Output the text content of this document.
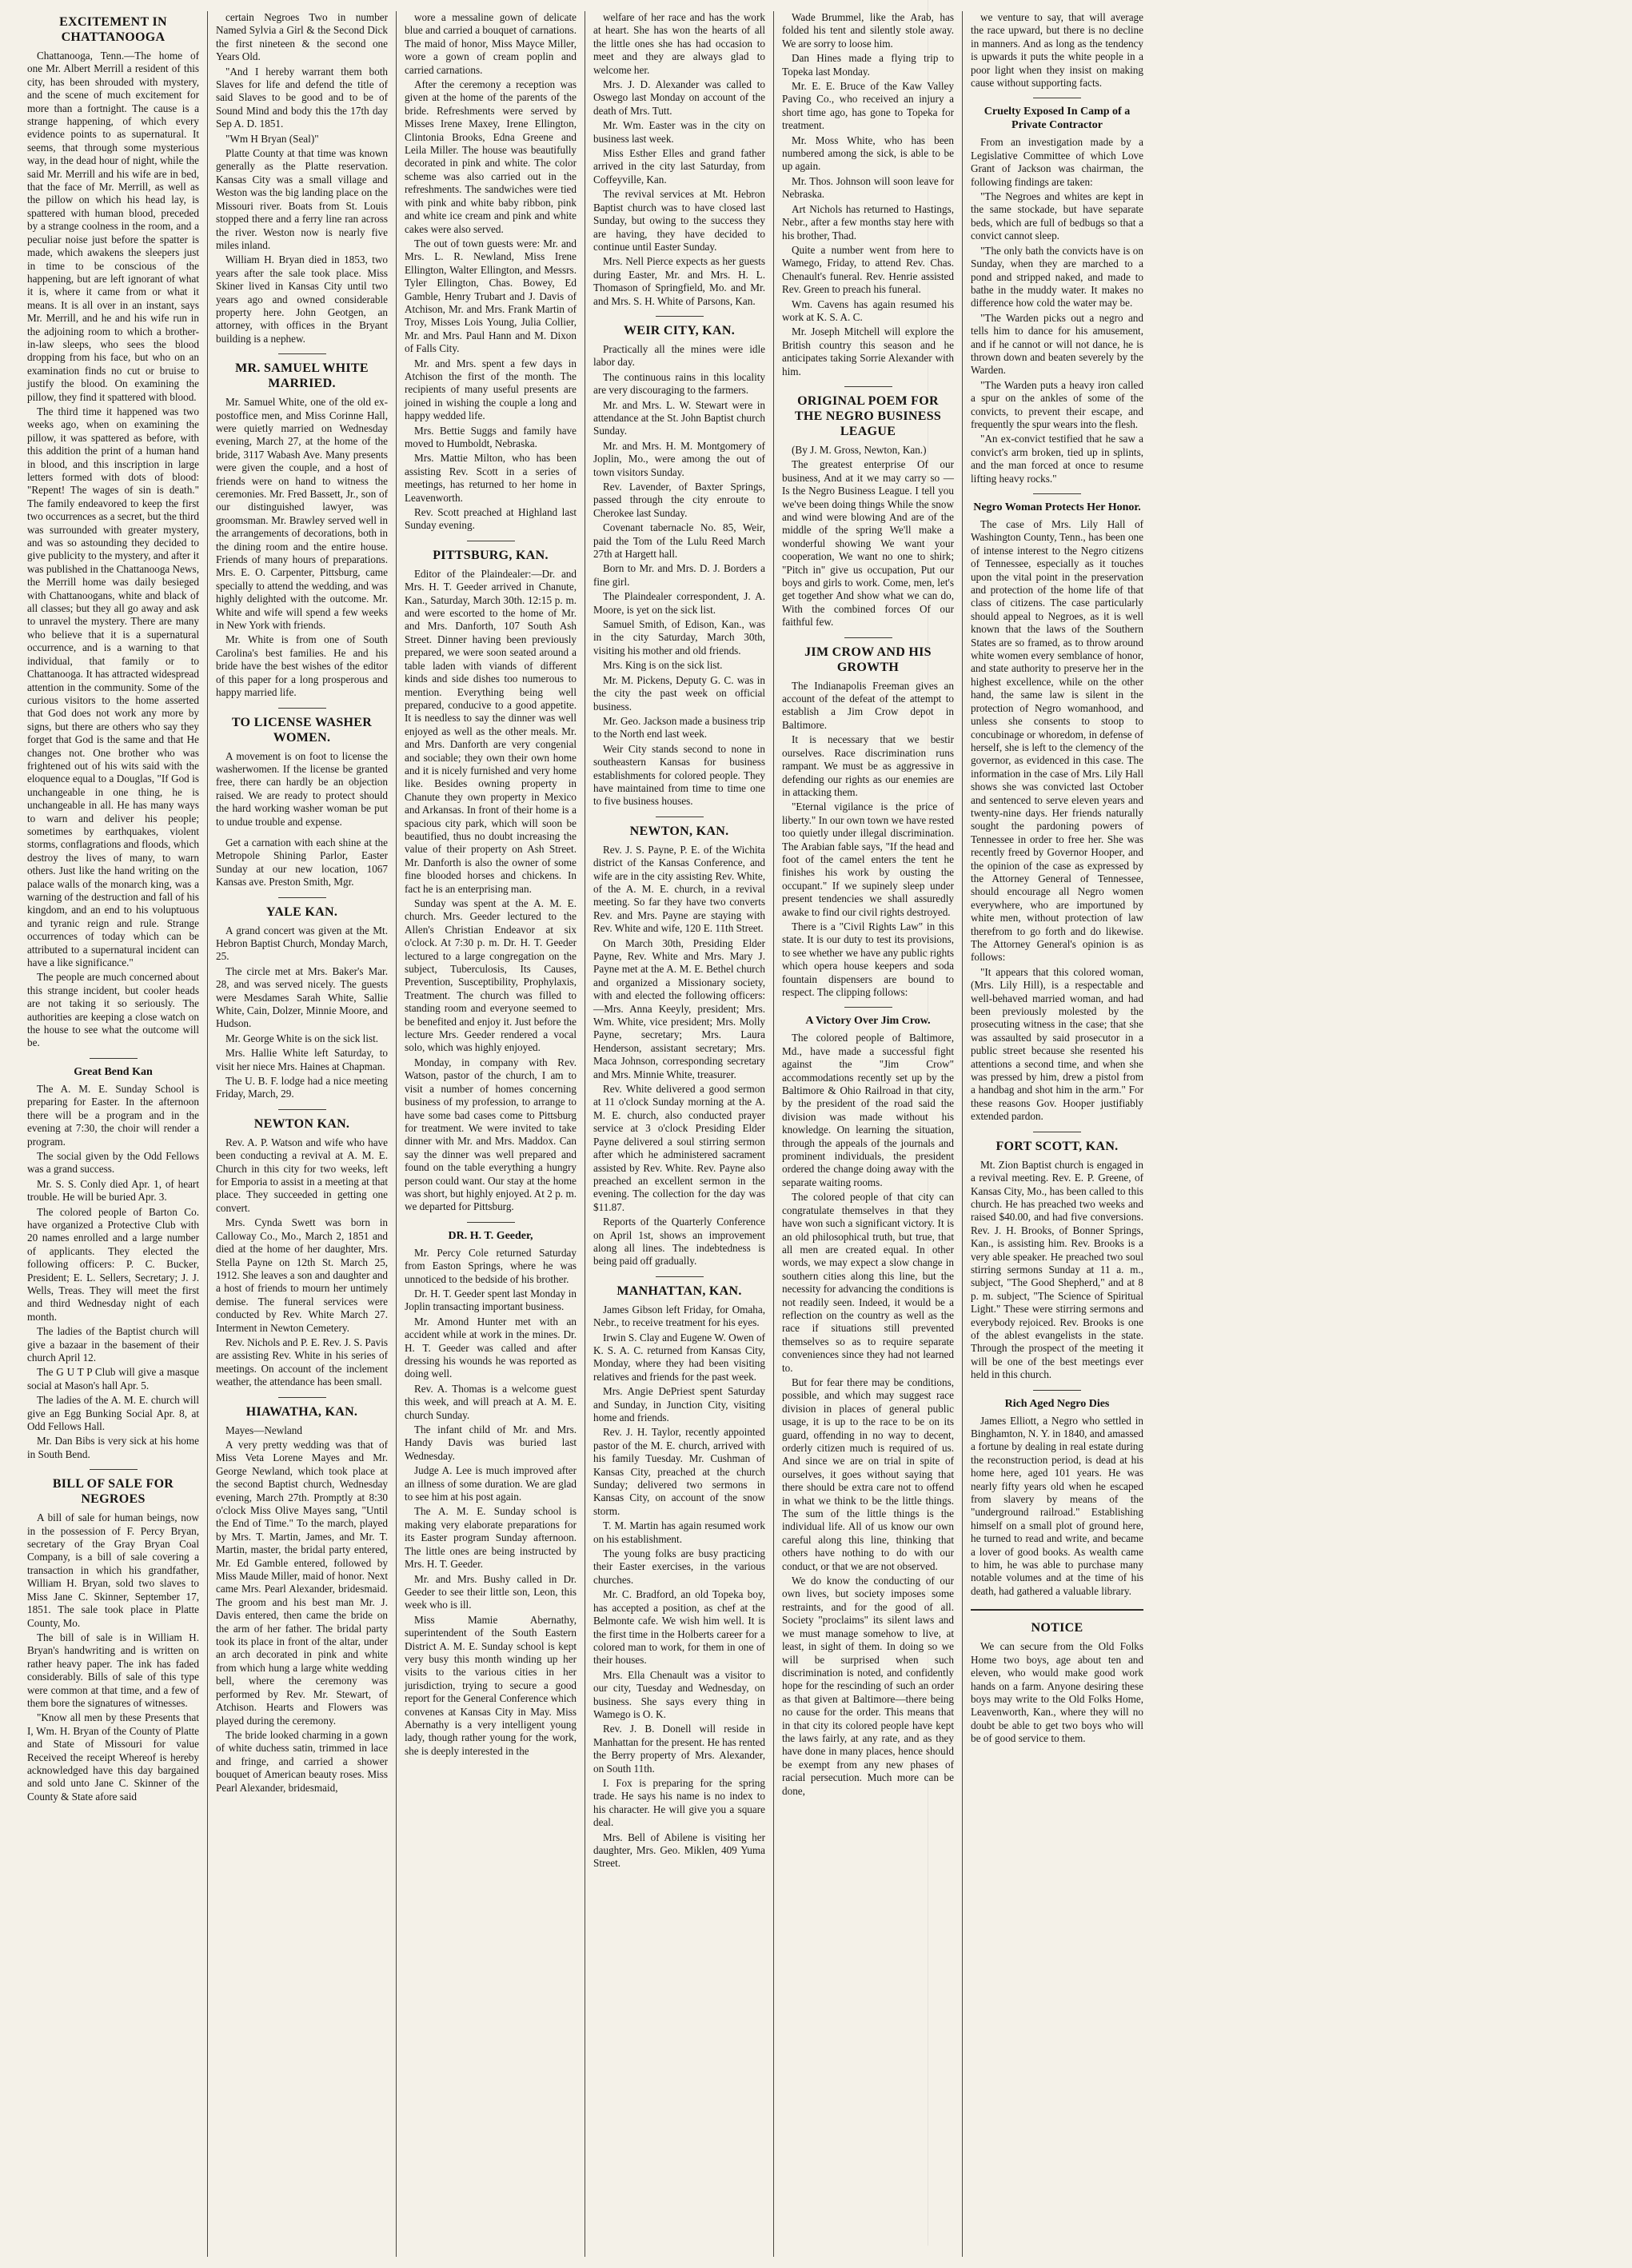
EXCITEMENT IN CHATTANOOGA

Chattanooga, Tenn.—The home of one Mr. Albert Merrill a resident of this city, has been shrouded with mystery, and the scene of much excitement for more than a fortnight. The cause is a strange happening, of which every evidence points to as supernatural. It seems, that through some mysterious way, in the dead hour of night, while the said Mr. Merrill and his wife are in bed, that the face of Mr. Merrill, as well as the pillow on which his head lay, is spattered with human blood, preceded by a strange coolness in the room, and a peculiar noise just before the spatter is made, which awakens the sleepers just in time to be conscious of the happening, but are left ignorant of what it is, where it came from or what it means. It is all over in an instant, says Mr. Merrill, and he and his wife run in the adjoining room to which a brother-in-law sleeps, who sees the blood dropping from his face, but who on an examination finds no cut or bruise to justify the blood. On examining the pillow, they find it spattered with blood.

The third time it happened was two weeks ago, when on examining the pillow, it was spattered as before, with this addition the print of a human hand in blood, and this inscription in large letters formed with dots of blood: "Repent! The wages of sin is death." The family endeavored to keep the first two occurrences as a secret, but the third was surrounded with greater mystery, and was so astounding they decided to give publicity to the mystery, and after it was published in the Chattanooga News, the Merrill home was daily besieged with Chattanoogans, white and black of all classes; but they all go away and ask to unravel the mystery. There are many who believe that it is a supernatural occurrence, and is a warning to that individual, that family or to Chattanooga. It has attracted widespread attention in the community. Some of the curious visitors to the home asserted that God does not work any more by signs, but there are others who say they forget that God is the same and that He changes not. One brother who was frightened out of his wits said with the eloquence equal to a Douglas, "If God is unchangeable in one thing, he is unchangeable in all. He has many ways to warn and deliver his people; sometimes by earthquakes, violent storms, conflagrations and floods, which destroy the lives of many, to warn others. Just like the hand writing on the palace walls of the monarch king, was a warning of the destruction and fall of his kingdom, and an end to his voluptuous and tyranic reign and rule. Strange occurrences of today which can be attributed to a supernatural incident can have a like significance."

The people are much concerned about this strange incident, but cooler heads are not taking it so seriously. The authorities are keeping a close watch on the house to see what the outcome will be.

Great Bend Kan

The A. M. E. Sunday School is preparing for Easter. In the afternoon there will be a program and in the evening at 7:30, the choir will render a program.

The social given by the Odd Fellows was a grand success.

Mr. S. S. Conly died Apr. 1, of heart trouble. He will be buried Apr. 3.

The colored people of Barton Co. have organized a Protective Club with 20 names enrolled and a large number of applicants. They elected the following officers: P. C. Bucker, President; E. L. Sellers, Secretary; J. J. Wells, Treas. They will meet the first and third Wednesday night of each month.

The ladies of the Baptist church will give a bazaar in the basement of their church April 12.

The G U T P Club will give a masque social at Mason's hall Apr. 5.

The ladies of the A. M. E. church will give an Egg Bunking Social Apr. 8, at Odd Fellows Hall.

Mr. Dan Bibs is very sick at his home in South Bend.

BILL OF SALE FOR NEGROES

A bill of sale for human beings, now in the possession of F. Percy Bryan, secretary of the Gray Bryan Coal Company, is a bill of sale covering a transaction in which his grandfather, William H. Bryan, sold two slaves to Miss Jane C. Skinner, September 17, 1851. The sale took place in Platte County, Mo.

The bill of sale is in William H. Bryan's handwriting and is written on rather heavy paper. The ink has faded considerably. Bills of sale of this type were common at that time, and a few of them bore the signatures of witnesses.

"Know all men by these Presents that I, Wm. H. Bryan of the County of Platte and State of Missouri for value Received the receipt Whereof is hereby acknowledged have this day bargained and sold unto Jane C. Skinner of the County & State afore said

certain Negroes Two in number Named Sylvia a Girl & the Second Dick the first nineteen & the second one Years Old.

"And I hereby warrant them both Slaves for life and defend the title of said Slaves to be good and to be of Sound Mind and body this the 17th day Sep A. D. 1851.

"Wm H Bryan (Seal)"

Platte County at that time was known generally as the Platte reservation. Kansas City was a small village and Weston was the big landing place on the Missouri river. Boats from St. Louis stopped there and a ferry line ran across the river. Weston now is nearly five miles inland.

William H. Bryan died in 1853, two years after the sale took place. Miss Skiner lived in Kansas City until two years ago and owned considerable property here. John Geotgen, an attorney, with offices in the Bryant building is a nephew.

MR. SAMUEL WHITE MARRIED.

Mr. Samuel White, one of the old ex-postoffice men, and Miss Corinne Hall, were quietly married on Wednesday evening, March 27, at the home of the bride, 3117 Wabash Ave. Many presents were given the couple, and a host of friends were on hand to witness the ceremonies. Mr. Fred Bassett, Jr., son of our distinguished lawyer, was groomsman. Mr. Brawley served well in the arrangements of decorations, both in the dining room and the entire house. Friends of many hours of preparations. Mrs. E. O. Carpenter, Pittsburg, came specially to attend the wedding, and was highly delighted with the outcome. Mr. White and wife will spend a few weeks in New York with friends.

Mr. White is from one of South Carolina's best families. He and his bride have the best wishes of the editor of this paper for a long prosperous and happy married life.

TO LICENSE WASHER WOMEN.

A movement is on foot to license the washerwomen. If the license be granted free, there can hardly be an objection raised. We are ready to protect should the hard working washer woman be put to undue trouble and expense.

Get a carnation with each shine at the Metropole Shining Parlor, Easter Sunday at our new location, 1067 Kansas ave. Preston Smith, Mgr.

YALE KAN.

A grand concert was given at the Mt. Hebron Baptist Church, Monday March, 25.

The circle met at Mrs. Baker's Mar. 28, and was served nicely. The guests were Mesdames Sarah White, Sallie White, Cain, Dolzer, Minnie Moore, and Hudson.

Mr. George White is on the sick list.

Mrs. Hallie White left Saturday, to visit her niece Mrs. Haines at Chapman.

The U. B. F. lodge had a nice meeting Friday, March, 29.

NEWTON KAN.

Rev. A. P. Watson and wife who have been conducting a revival at A. M. E. Church in this city for two weeks, left for Emporia to assist in a meeting at that place. They succeeded in getting one convert.

Mrs. Cynda Swett was born in Calloway Co., Mo., March 2, 1851 and died at the home of her daughter, Mrs. Stella Payne on 12th St. March 25, 1912. She leaves a son and daughter and a host of friends to mourn her untimely demise. The funeral services were conducted by Rev. White March 27. Interment in Newton Cemetery.

Rev. Nichols and P. E. Rev. J. S. Pavis are assisting Rev. White in his series of meetings. On account of the inclement weather, the attendance has been small.

HIAWATHA, KAN.

Mayes—Newland

A very pretty wedding was that of Miss Veta Lorene Mayes and Mr. George Newland, which took place at the second Baptist church, Wednesday evening, March 27th. Promptly at 8:30 o'clock Miss Olive Mayes sang, "Until the End of Time." To the march, played by Mrs. T. Martin, James, and Mr. T. Martin, master, the bridal party entered, Mr. Ed Gamble entered, followed by Miss Maude Miller, maid of honor. Next came Mrs. Pearl Alexander, bridesmaid. The groom and his best man Mr. J. Davis entered, then came the bride on the arm of her father. The bridal party took its place in front of the altar, under an arch decorated in pink and white from which hung a large white wedding bell, where the ceremony was performed by Rev. Mr. Stewart, of Atchison. Hearts and Flowers was played during the ceremony.

The bride looked charming in a gown of white duchess satin, trimmed in lace and fringe, and carried a shower bouquet of American beauty roses. Miss Pearl Alexander, bridesmaid,

wore a messaline gown of delicate blue and carried a bouquet of carnations. The maid of honor, Miss Mayce Miller, wore a gown of cream poplin and carried carnations.

After the ceremony a reception was given at the home of the parents of the bride. Refreshments were served by Misses Irene Maxey, Irene Ellington, Clintonia Brooks, Edna Greene and Leila Miller. The house was beautifully decorated in pink and white. The color scheme was also carried out in the refreshments. The sandwiches were tied with pink and white baby ribbon, pink and white ice cream and pink and white cakes were also served.

The out of town guests were: Mr. and Mrs. L. R. Newland, Miss Irene Ellington, Walter Ellington, and Messrs. Tyler Ellington, Chas. Bowey, Ed Gamble, Henry Trubart and J. Davis of Atchison, Mr. and Mrs. Frank Martin of Troy, Misses Lois Young, Julia Collier, Mr. and Mrs. Paul Hann and M. Dixon of Falls City.

Mr. and Mrs. spent a few days in Atchison the first of the month. The recipients of many useful presents are joined in wishing the couple a long and happy wedded life.

Mrs. Bettie Suggs and family have moved to Humboldt, Nebraska.

Mrs. Mattie Milton, who has been assisting Rev. Scott in a series of meetings, has returned to her home in Leavenworth.

Rev. Scott preached at Highland last Sunday evening.

PITTSBURG, KAN.

Editor of the Plaindealer:—Dr. and Mrs. H. T. Geeder arrived in Chanute, Kan., Saturday, March 30th. 12:15 p. m. and were escorted to the home of Mr. and Mrs. Danforth, 107 South Ash Street. Dinner having been previously prepared, we were soon seated around a table laden with viands of different kinds and side dishes too numerous to mention. Everything being well prepared, conducive to a good appetite. It is needless to say the dinner was well enjoyed as well as the other meals. Mr. and Mrs. Danforth are very congenial and sociable; they own their own home and it is nicely furnished and very home like. Besides owning property in Chanute they own property in Mexico and Arkansas. In front of their home is a spacious city park, which will soon be beautified, thus no doubt increasing the value of their property on Ash Street. Mr. Danforth is also the owner of some fine blooded horses and chickens. In fact he is an enterprising man.

Sunday was spent at the A. M. E. church. Mrs. Geeder lectured to the Allen's Christian Endeavor at six o'clock. At 7:30 p. m. Dr. H. T. Geeder lectured to a large congregation on the subject, Tuberculosis, Its Causes, Prevention, Susceptibility, Prophylaxis, Treatment. The church was filled to standing room and everyone seemed to be benefited and enjoy it. Just before the lecture Mrs. Geeder rendered a vocal solo, which was highly enjoyed.

Monday, in company with Rev. Watson, pastor of the church, I am to visit a number of homes concerning business of my profession, to arrange to have some bad cases come to Pittsburg for treatment. We were invited to take dinner with Mr. and Mrs. Maddox. Can say the dinner was well prepared and found on the table everything a hungry person could want. Our stay at the home was short, but highly enjoyed. At 2 p. m. we departed for Pittsburg.

DR. H. T. Geeder,

Mr. Percy Cole returned Saturday from Easton Springs, where he was unnoticed to the bedside of his brother.

Dr. H. T. Geeder spent last Monday in Joplin transacting important business.

Mr. Amond Hunter met with an accident while at work in the mines. Dr. H. T. Geeder was called and after dressing his wounds he was reported as doing well.

Rev. A. Thomas is a welcome guest this week, and will preach at A. M. E. church Sunday.

The infant child of Mr. and Mrs. Handy Davis was buried last Wednesday.

Judge A. Lee is much improved after an illness of some duration. We are glad to see him at his post again.

The A. M. E. Sunday school is making very elaborate preparations for its Easter program Sunday afternoon. The little ones are being instructed by Mrs. H. T. Geeder.

Mr. and Mrs. Bushy called in Dr. Geeder to see their little son, Leon, this week who is ill.

Miss Mamie Abernathy, superintendent of the South Eastern District A. M. E. Sunday school is kept very busy this month winding up her visits to the various cities in her jurisdiction, trying to secure a good report for the General Conference which convenes at Kansas City in May. Miss Abernathy is a very intelligent young lady, though rather young for the work, she is deeply interested in the

welfare of her race and has the work at heart. She has won the hearts of all the little ones she has had occasion to meet and they are always glad to welcome her.

Mrs. J. D. Alexander was called to Oswego last Monday on account of the death of Mrs. Tutt.

Mr. Wm. Easter was in the city on business last week.

Miss Esther Elles and grand father arrived in the city last Saturday, from Coffeyville, Kan.

The revival services at Mt. Hebron Baptist church was to have closed last Sunday, but owing to the success they are having, they have decided to continue until Easter Sunday.

Mrs. Nell Pierce expects as her guests during Easter, Mr. and Mrs. H. L. Thomason of Springfield, Mo. and Mr. and Mrs. S. H. White of Parsons, Kan.

WEIR CITY, KAN.

Practically all the mines were idle labor day.

The continuous rains in this locality are very discouraging to the farmers.

Mr. and Mrs. L. W. Stewart were in attendance at the St. John Baptist church Sunday.

Mr. and Mrs. H. M. Montgomery of Joplin, Mo., were among the out of town visitors Sunday.

Rev. Lavender, of Baxter Springs, passed through the city enroute to Cherokee last Sunday.

Covenant tabernacle No. 85, Weir, paid the Tom of the Lulu Reed March 27th at Hargett hall.

Born to Mr. and Mrs. D. J. Borders a fine girl.

The Plaindealer correspondent, J. A. Moore, is yet on the sick list.

Samuel Smith, of Edison, Kan., was in the city Saturday, March 30th, visiting his mother and old friends.

Mrs. King is on the sick list.

Mr. M. Pickens, Deputy G. C. was in the city the past week on official business.

Mr. Geo. Jackson made a business trip to the North end last week.

Weir City stands second to none in southeastern Kansas for business establishments for colored people. They have maintained from time to time one to five business houses.

NEWTON, KAN.

Rev. J. S. Payne, P. E. of the Wichita district of the Kansas Conference, and wife are in the city assisting Rev. White, of the A. M. E. church, in a revival meeting. So far they have two converts Rev. and Mrs. Payne are staying with Rev. White and wife, 120 E. 11th Street.

On March 30th, Presiding Elder Payne, Rev. White and Mrs. Mary J. Payne met at the A. M. E. Bethel church and organized a Missionary society, with and elected the following officers:—Mrs. Anna Keeyly, president; Mrs. Wm. White, vice president; Mrs. Molly Payne, secretary; Mrs. Laura Henderson, assistant secretary; Mrs. Maca Johnson, corresponding secretary and Mrs. Minnie White, treasurer.

Rev. White delivered a good sermon at 11 o'clock Sunday morning at the A. M. E. church, also conducted prayer service at 3 o'clock Presiding Elder Payne delivered a soul stirring sermon after which he administered sacrament assisted by Rev. White. Rev. Payne also preached an excellent sermon in the evening. The collection for the day was $11.87.

Reports of the Quarterly Conference on April 1st, shows an improvement along all lines. The indebtedness is being paid off gradually.

MANHATTAN, KAN.

James Gibson left Friday, for Omaha, Nebr., to receive treatment for his eyes.

Irwin S. Clay and Eugene W. Owen of K. S. A. C. returned from Kansas City, Monday, where they had been visiting relatives and friends for the past week.

Mrs. Angie DePriest spent Saturday and Sunday, in Junction City, visiting home and friends.

Rev. J. H. Taylor, recently appointed pastor of the M. E. church, arrived with his family Tuesday. Mr. Cushman of Kansas City, preached at the church Sunday; delivered two sermons in Kansas City, on account of the snow storm.

T. M. Martin has again resumed work on his establishment.

The young folks are busy practicing their Easter exercises, in the various churches.

Mr. C. Bradford, an old Topeka boy, has accepted a position, as chef at the Belmonte cafe. We wish him well. It is the first time in the Holberts career for a colored man to work, for them in one of their houses.

Mrs. Ella Chenault was a visitor to our city, Tuesday and Wednesday, on business. She says every thing in Wamego is O. K.

Rev. J. B. Donell will reside in Manhattan for the present. He has rented the Berry property of Mrs. Alexander, on South 11th.

I. Fox is preparing for the spring trade. He says his name is no index to his character. He will give you a square deal.

Mrs. Bell of Abilene is visiting her daughter, Mrs. Geo. Miklen, 409 Yuma Street.

Wade Brummel, like the Arab, has folded his tent and silently stole away. We are sorry to loose him.

Dan Hines made a flying trip to Topeka last Monday.

Mr. E. E. Bruce of the Kaw Valley Paving Co., who received an injury a short time ago, has gone to Topeka for treatment.

Mr. Moss White, who has been numbered among the sick, is able to be up again.

Mr. Thos. Johnson will soon leave for Nebraska.

Art Nichols has returned to Hastings, Nebr., after a few months stay here with his brother, Thad.

Quite a number went from here to Wamego, Friday, to attend Rev. Chas. Chenault's funeral. Rev. Henrie assisted Rev. Green to preach his funeral.

Wm. Cavens has again resumed his work at K. S. A. C.

Mr. Joseph Mitchell will explore the British country this season and he anticipates taking Sorrie Alexander with him.

ORIGINAL POEM FOR THE NEGRO BUSINESS LEAGUE

(By J. M. Gross, Newton, Kan.)

The greatest enterprise Of our business, And at it we may carry so — Is the Negro Business League. I tell you we've been doing things While the snow and wind were blowing And are of the middle of the spring We'll make a wonderful showing We want your cooperation, We want no one to shirk; "Pitch in" give us occupation, Put our boys and girls to work. Come, men, let's get together And show what we can do, With the combined forces Of our faithful few.

JIM CROW AND HIS GROWTH

The Indianapolis Freeman gives an account of the defeat of the attempt to establish a Jim Crow depot in Baltimore.

It is necessary that we bestir ourselves. Race discrimination runs rampant. We must be as aggressive in defending our rights as our enemies are in attacking them.

"Eternal vigilance is the price of liberty." In our own town we have rested too quietly under illegal discrimination. The Arabian fable says, "If the head and foot of the camel enters the tent he finishes his work by ousting the occupant." If we supinely sleep under present tendencies we shall assuredly awake to find our civil rights destroyed.

There is a "Civil Rights Law" in this state. It is our duty to test its provisions, to see whether we have any public rights which opera house keepers and soda fountain dispensers are bound to respect. The clipping follows:

A Victory Over Jim Crow.

The colored people of Baltimore, Md., have made a successful fight against the "Jim Crow" accommodations recently set up by the Baltimore & Ohio Railroad in that city, by the president of the road said the division was made without his knowledge. On learning the situation, through the appeals of the journals and prominent individuals, the president ordered the change doing away with the separate waiting rooms.

The colored people of that city can congratulate themselves in that they have won such a significant victory. It is an old philosophical truth, but true, that all men are created equal. In other words, we may expect a slow change in southern cities along this line, but the necessity for advancing the conditions is not readily seen. Indeed, it would be a reflection on the country as well as the race if situations still prevented themselves so as to require separate conveniences since they had not learned to.

But for fear there may be conditions, possible, and which may suggest race division in places of general public usage, it is up to the race to be on its guard, offending in no way to decent, orderly citizen much is required of us. And since we are on trial in spite of ourselves, it goes without saying that there should be extra care not to offend in what we think to be the little things. The sum of the little things is the individual life. All of us know our own careful along this line, thinking that others have nothing to do with our conduct, or that we are not observed.

We do know the conducting of our own lives, but society imposes some restraints, and for the good of all. Society "proclaims" its silent laws and we must manage somehow to live, at least, in sight of them. In doing so we will be surprised when such discrimination is noted, and confidently hope for the rescinding of such an order as that given at Baltimore—there being no cause for the order. This means that in that city its colored people have kept the laws fairly, at any rate, and as they have done in many places, hence should be exempt from any new phases of racial persecution. Much more can be done,

we venture to say, that will average the race upward, but there is no decline in manners. And as long as the tendency is upwards it puts the white people in a poor light when they insist on making cause without supporting facts.

Cruelty Exposed In Camp of a Private Contractor

From an investigation made by a Legislative Committee of which Love Grant of Jackson was chairman, the following findings are taken:

"The Negroes and whites are kept in the same stockade, but have separate beds, which are full of bedbugs so that a convict cannot sleep.

"The only bath the convicts have is on Sunday, when they are marched to a pond and stripped naked, and made to bathe in the muddy water. It makes no difference how cold the water may be.

"The Warden picks out a negro and tells him to dance for his amusement, and if he cannot or will not dance, he is thrown down and beaten severely by the Warden.

"The Warden puts a heavy iron called a spur on the ankles of some of the convicts, to prevent their escape, and frequently the spur wears into the flesh.

"An ex-convict testified that he saw a convict's arm broken, tied up in splints, and the man forced at once to resume lifting heavy rocks."

Negro Woman Protects Her Honor.

The case of Mrs. Lily Hall of Washington County, Tenn., has been one of intense interest to the Negro citizens of Tennessee, especially as it touches upon the vital point in the preservation and protection of the home life of that class of citizens. The case particularly should appeal to Negroes, as it is well known that the laws of the Southern States are so framed, as to throw around white women every semblance of honor, and state authority to preserve her in the highest excellence, while on the other hand, the same law is silent in the protection of Negro womanhood, and unless she consents to stoop to concubinage or whoredom, in defense of herself, she is left to the clemency of the governor, as evidenced in this case. The information in the case of Mrs. Lily Hall shows she was convicted last October and sentenced to serve eleven years and twenty-nine days. Her friends naturally sought the pardoning powers of Tennessee in order to free her. She was recently freed by Governor Hooper, and the opinion of the case as expressed by the Attorney General of Tennessee, should encourage all Negro women everywhere, who are importuned by white men, without protection of law therefrom to go forth and do likewise. The Attorney General's opinion is as follows:

"It appears that this colored woman, (Mrs. Lily Hill), is a respectable and well-behaved married woman, and had been previously molested by the prosecuting witness in the case; that she was assaulted by said prosecutor in a public street because she resented his attentions a second time, and when she was pressed by him, drew a pistol from a handbag and shot him in the arm." For these reasons Gov. Hooper justifiably extended pardon.

FORT SCOTT, KAN.

Mt. Zion Baptist church is engaged in a revival meeting. Rev. E. P. Greene, of Kansas City, Mo., has been called to this church. He has preached two weeks and raised $40.00, and had five conversions. Rev. J. H. Brooks, of Bonner Springs, Kan., is assisting him. Rev. Brooks is a very able speaker. He preached two soul stirring sermons Sunday at 11 a. m., subject, "The Good Shepherd," and at 8 p. m. subject, "The Science of Spiritual Light." These were stirring sermons and everybody rejoiced. Rev. Brooks is one of the ablest evangelists in the state. Through the prospect of the meeting it will be one of the best meetings ever held in this church.

Rich Aged Negro Dies

James Elliott, a Negro who settled in Binghamton, N. Y. in 1840, and amassed a fortune by dealing in real estate during the reconstruction period, is dead at his home here, aged 101 years. He was nearly fifty years old when he escaped from slavery by means of the "underground railroad." Establishing himself on a small plot of ground here, he turned to read and write, and became a lover of good books. As wealth came to him, he was able to purchase many notable volumes and at the time of his death, had gathered a valuable library.

NOTICE

We can secure from the Old Folks Home two boys, age about ten and eleven, who would make good work hands on a farm. Anyone desiring these boys may write to the Old Folks Home, Leavenworth, Kan., where they will no doubt be able to get two boys who will be of good service to them.
